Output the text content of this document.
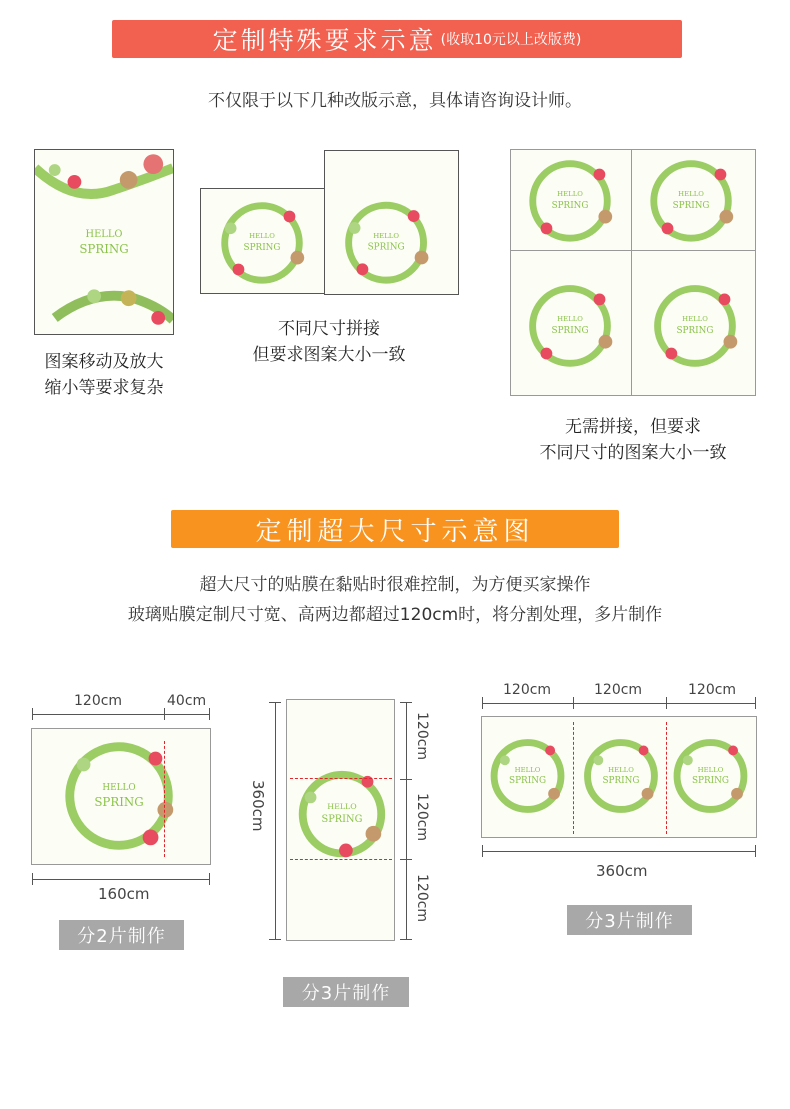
定制特殊要求示意 (收取10元以上改版费)
不仅限于以下几种改版示意，具体请咨询设计师。
HELLO
SPRING
图案移动及放大
缩小等要求复杂
HELLO
SPRING
HELLO
SPRING
不同尺寸拼接
但要求图案大小一致
HELLO
SPRING
HELLO
SPRING
HELLO
SPRING
HELLO
SPRING
无需拼接，但要求
不同尺寸的图案大小一致
定制超大尺寸示意图
超大尺寸的贴膜在黏贴时很难控制，为方便买家操作
玻璃贴膜定制尺寸宽、高两边都超过120cm时，将分割处理，多片制作
120cm	40cm
HELLO
SPRING
160cm
分2片制作
360cm	HELLO
SPRING
120cm
120cm
120cm
分3片制作
120cm	120cm	120cm
HELLO
SPRING
HELLO
SPRING
HELLO
SPRING
360cm
分3片制作
